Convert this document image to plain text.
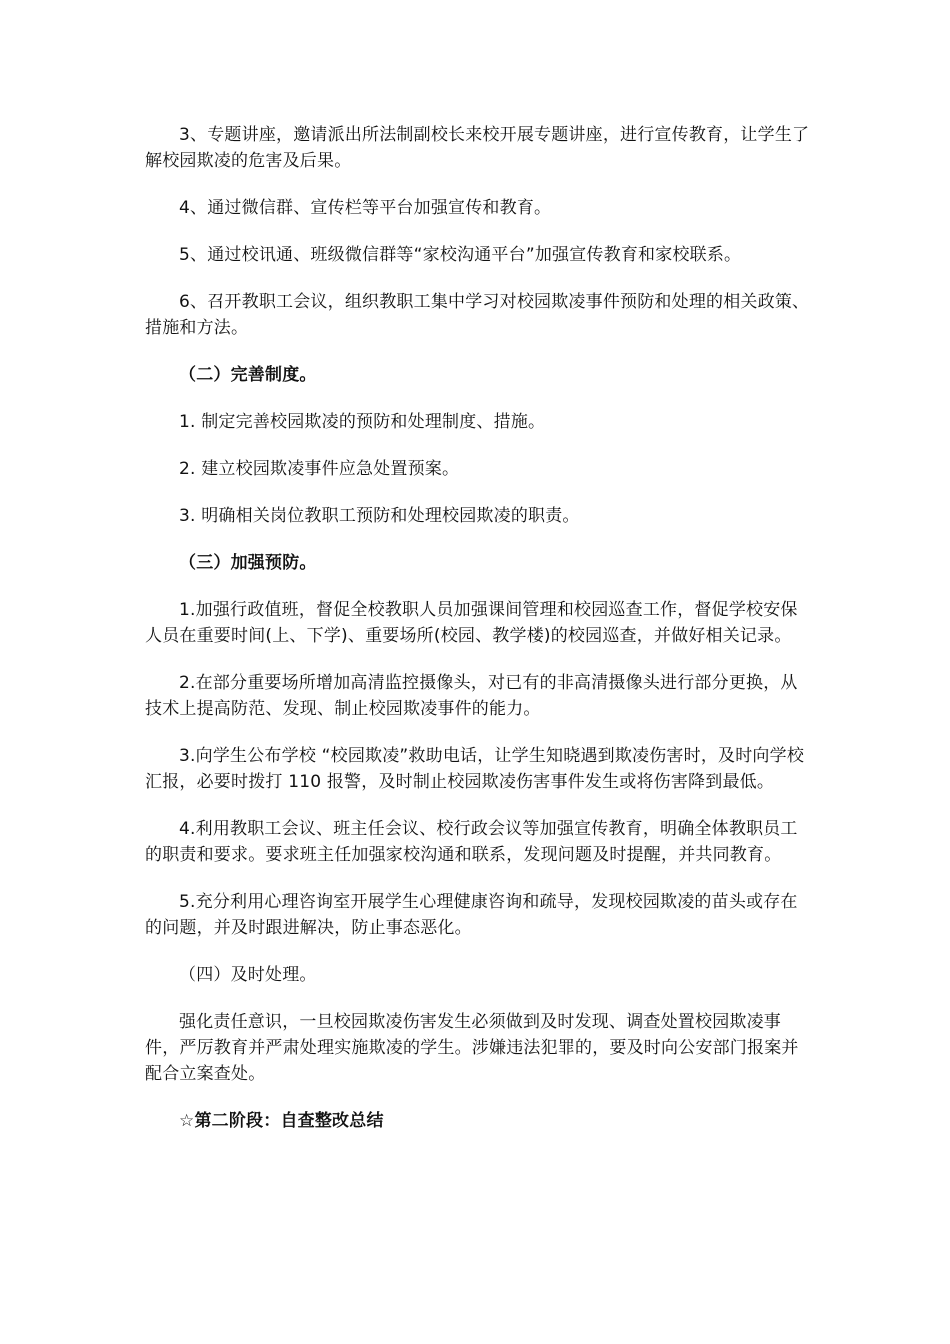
3、专题讲座，邀请派出所法制副校长来校开展专题讲座，进行宣传教育，让学生了解校园欺凌的危害及后果。

4、通过微信群、宣传栏等平台加强宣传和教育。

5、通过校讯通、班级微信群等“家校沟通平台”加强宣传教育和家校联系。

6、召开教职工会议，组织教职工集中学习对校园欺凌事件预防和处理的相关政策、措施和方法。

（二）完善制度。

1. 制定完善校园欺凌的预防和处理制度、措施。

2. 建立校园欺凌事件应急处置预案。

3. 明确相关岗位教职工预防和处理校园欺凌的职责。

（三）加强预防。

1.加强行政值班，督促全校教职人员加强课间管理和校园巡查工作，督促学校安保人员在重要时间(上、下学)、重要场所(校园、教学楼)的校园巡查，并做好相关记录。

2.在部分重要场所增加高清监控摄像头，对已有的非高清摄像头进行部分更换，从技术上提高防范、发现、制止校园欺凌事件的能力。

3.向学生公布学校 “校园欺凌”救助电话，让学生知晓遇到欺凌伤害时，及时向学校汇报，必要时拨打 110 报警，及时制止校园欺凌伤害事件发生或将伤害降到最低。

4.利用教职工会议、班主任会议、校行政会议等加强宣传教育，明确全体教职员工的职责和要求。要求班主任加强家校沟通和联系，发现问题及时提醒，并共同教育。

5.充分利用心理咨询室开展学生心理健康咨询和疏导，发现校园欺凌的苗头或存在的问题，并及时跟进解决，防止事态恶化。

（四）及时处理。

强化责任意识，一旦校园欺凌伤害发生必须做到及时发现、调查处置校园欺凌事件，严厉教育并严肃处理实施欺凌的学生。涉嫌违法犯罪的，要及时向公安部门报案并配合立案查处。

☆第二阶段：自查整改总结
